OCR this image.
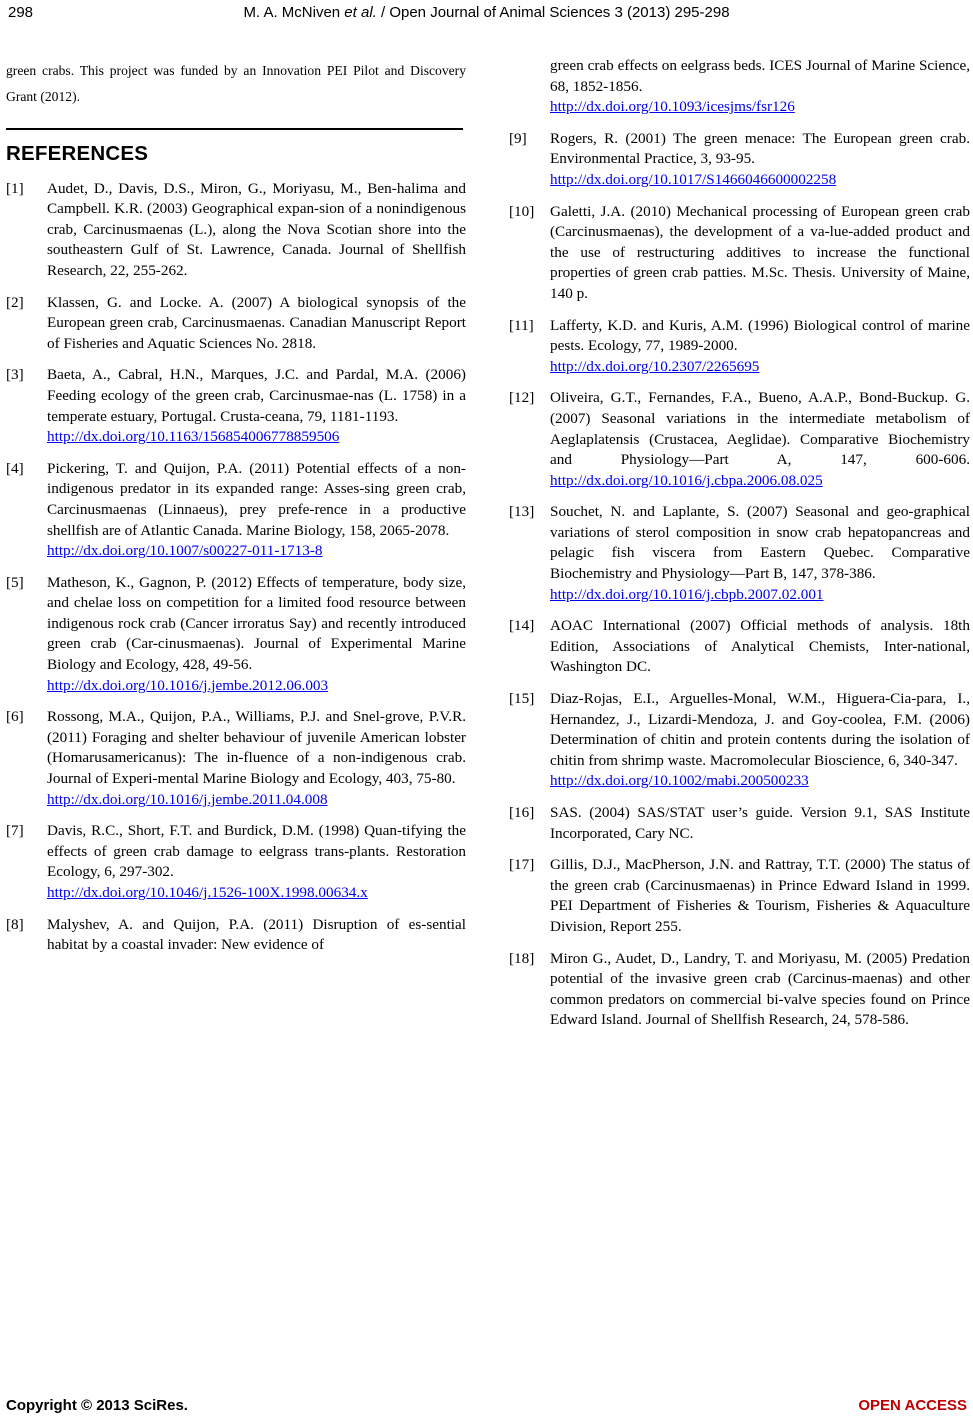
298	M. A. McNiven et al. / Open Journal of Animal Sciences 3 (2013) 295-298

green crabs. This project was funded by an Innovation PEI Pilot and Discovery Grant (2012).

REFERENCES
[1]	Audet, D., Davis, D.S., Miron, G., Moriyasu, M., Ben-halima and Campbell. K.R. (2003) Geographical expan-sion of a nonindigenous crab, Carcinusmaenas (L.), along the Nova Scotian shore into the southeastern Gulf of St. Lawrence, Canada. Journal of Shellfish Research, 22, 255-262.
[2]	Klassen, G. and Locke. A. (2007) A biological synopsis of the European green crab, Carcinusmaenas. Canadian Manuscript Report of Fisheries and Aquatic Sciences No. 2818.
[3]	Baeta, A., Cabral, H.N., Marques, J.C. and Pardal, M.A. (2006) Feeding ecology of the green crab, Carcinusmae-nas (L. 1758) in a temperate estuary, Portugal. Crusta-ceana, 79, 1181-1193.
http://dx.doi.org/10.1163/156854006778859506
[4]	Pickering, T. and Quijon, P.A. (2011) Potential effects of a non-indigenous predator in its expanded range: Asses-sing green crab, Carcinusmaenas (Linnaeus), prey prefe-rence in a productive shellfish are of Atlantic Canada. Marine Biology, 158, 2065-2078.
http://dx.doi.org/10.1007/s00227-011-1713-8
[5]	Matheson, K., Gagnon, P. (2012) Effects of temperature, body size, and chelae loss on competition for a limited food resource between indigenous rock crab (Cancer irroratus Say) and recently introduced green crab (Car-cinusmaenas). Journal of Experimental Marine Biology and Ecology, 428, 49-56.
http://dx.doi.org/10.1016/j.jembe.2012.06.003
[6]	Rossong, M.A., Quijon, P.A., Williams, P.J. and Snel-grove, P.V.R. (2011) Foraging and shelter behaviour of juvenile American lobster (Homarusamericanus): The in-fluence of a non-indigenous crab. Journal of Experi-mental Marine Biology and Ecology, 403, 75-80.
http://dx.doi.org/10.1016/j.jembe.2011.04.008
[7]	Davis, R.C., Short, F.T. and Burdick, D.M. (1998) Quan-tifying the effects of green crab damage to eelgrass trans-plants. Restoration Ecology, 6, 297-302.
http://dx.doi.org/10.1046/j.1526-100X.1998.00634.x
[8]	Malyshev, A. and Quijon, P.A. (2011) Disruption of es-sential habitat by a coastal invader: New evidence of
green crab effects on eelgrass beds. ICES Journal of Marine Science, 68, 1852-1856.
http://dx.doi.org/10.1093/icesjms/fsr126
[9]	Rogers, R. (2001) The green menace: The European green crab. Environmental Practice, 3, 93-95.
http://dx.doi.org/10.1017/S1466046600002258
[10]	Galetti, J.A. (2010) Mechanical processing of European green crab (Carcinusmaenas), the development of a va-lue-added product and the use of restructuring additives to increase the functional properties of green crab patties. M.Sc. Thesis. University of Maine, 140 p.
[11]	Lafferty, K.D. and Kuris, A.M. (1996) Biological control of marine pests. Ecology, 77, 1989-2000.
http://dx.doi.org/10.2307/2265695
[12]	Oliveira, G.T., Fernandes, F.A., Bueno, A.A.P., Bond-Buckup. G. (2007) Seasonal variations in the intermediate metabolism of Aeglaplatensis (Crustacea, Aeglidae). Comparative Biochemistry and Physiology—Part A, 147, 600-606. http://dx.doi.org/10.1016/j.cbpa.2006.08.025
[13]	Souchet, N. and Laplante, S. (2007) Seasonal and geo-graphical variations of sterol composition in snow crab hepatopancreas and pelagic fish viscera from Eastern Quebec. Comparative Biochemistry and Physiology—Part B, 147, 378-386.
http://dx.doi.org/10.1016/j.cbpb.2007.02.001
[14]	AOAC International (2007) Official methods of analysis. 18th Edition, Associations of Analytical Chemists, Inter-national, Washington DC.
[15]	Diaz-Rojas, E.I., Arguelles-Monal, W.M., Higuera-Cia-para, I., Hernandez, J., Lizardi-Mendoza, J. and Goy-coolea, F.M. (2006) Determination of chitin and protein contents during the isolation of chitin from shrimp waste. Macromolecular Bioscience, 6, 340-347.
http://dx.doi.org/10.1002/mabi.200500233
[16]	SAS. (2004) SAS/STAT user’s guide. Version 9.1, SAS Institute Incorporated, Cary NC.
[17]	Gillis, D.J., MacPherson, J.N. and Rattray, T.T. (2000) The status of the green crab (Carcinusmaenas) in Prince Edward Island in 1999. PEI Department of Fisheries & Tourism, Fisheries & Aquaculture Division, Report 255.
[18]	Miron G., Audet, D., Landry, T. and Moriyasu, M. (2005) Predation potential of the invasive green crab (Carcinus-maenas) and other common predators on commercial bi-valve species found on Prince Edward Island. Journal of Shellfish Research, 24, 578-586.
Copyright © 2013 SciRes.	OPEN ACCESS
